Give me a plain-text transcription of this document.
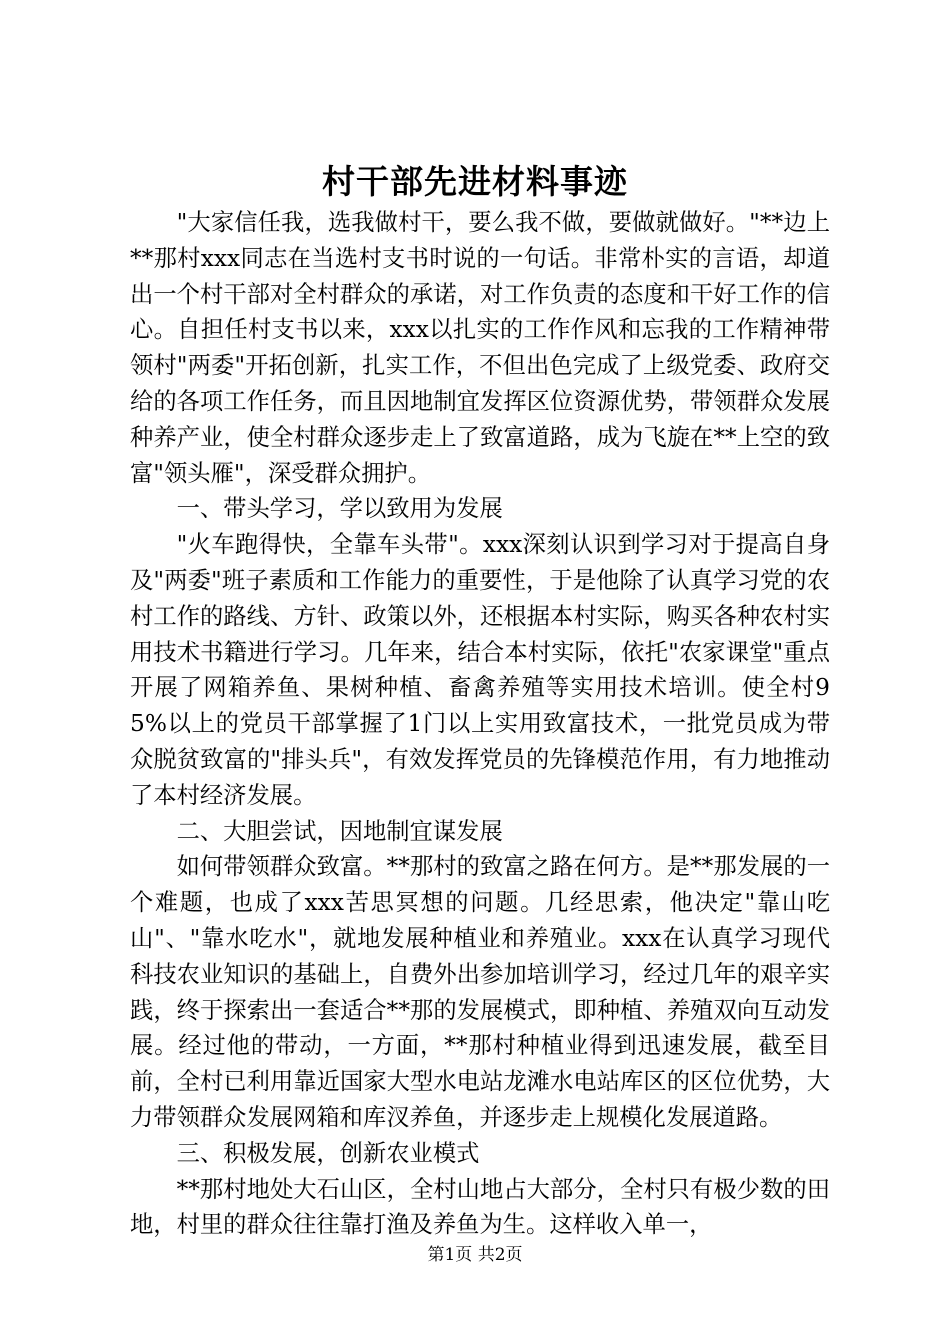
村干部先进材料事迹

"大家信任我，选我做村干，要么我不做，要做就做好。"**边上**那村xxx同志在当选村支书时说的一句话。非常朴实的言语，却道出一个村干部对全村群众的承诺，对工作负责的态度和干好工作的信心。自担任村支书以来，xxx以扎实的工作作风和忘我的工作精神带领村"两委"开拓创新，扎实工作，不但出色完成了上级党委、政府交给的各项工作任务，而且因地制宜发挥区位资源优势，带领群众发展种养产业，使全村群众逐步走上了致富道路，成为飞旋在**上空的致富"领头雁"，深受群众拥护。

一、带头学习，学以致用为发展

"火车跑得快，全靠车头带"。xxx深刻认识到学习对于提高自身及"两委"班子素质和工作能力的重要性，于是他除了认真学习党的农村工作的路线、方针、政策以外，还根据本村实际，购买各种农村实用技术书籍进行学习。几年来，结合本村实际，依托"农家课堂"重点开展了网箱养鱼、果树种植、畜禽养殖等实用技术培训。使全村95%以上的党员干部掌握了1门以上实用致富技术，一批党员成为带众脱贫致富的"排头兵"，有效发挥党员的先锋模范作用，有力地推动了本村经济发展。

二、大胆尝试，因地制宜谋发展

如何带领群众致富。**那村的致富之路在何方。是**那发展的一个难题，也成了xxx苦思冥想的问题。几经思索，他决定"靠山吃山"、"靠水吃水"，就地发展种植业和养殖业。xxx在认真学习现代科技农业知识的基础上，自费外出参加培训学习，经过几年的艰辛实践，终于探索出一套适合**那的发展模式，即种植、养殖双向互动发展。经过他的带动，一方面，**那村种植业得到迅速发展，截至目前，全村已利用靠近国家大型水电站龙滩水电站库区的区位优势，大力带领群众发展网箱和库汊养鱼，并逐步走上规模化发展道路。

三、积极发展，创新农业模式

**那村地处大石山区，全村山地占大部分，全村只有极少数的田地，村里的群众往往靠打渔及养鱼为生。这样收入单一，

第1页 共2页
